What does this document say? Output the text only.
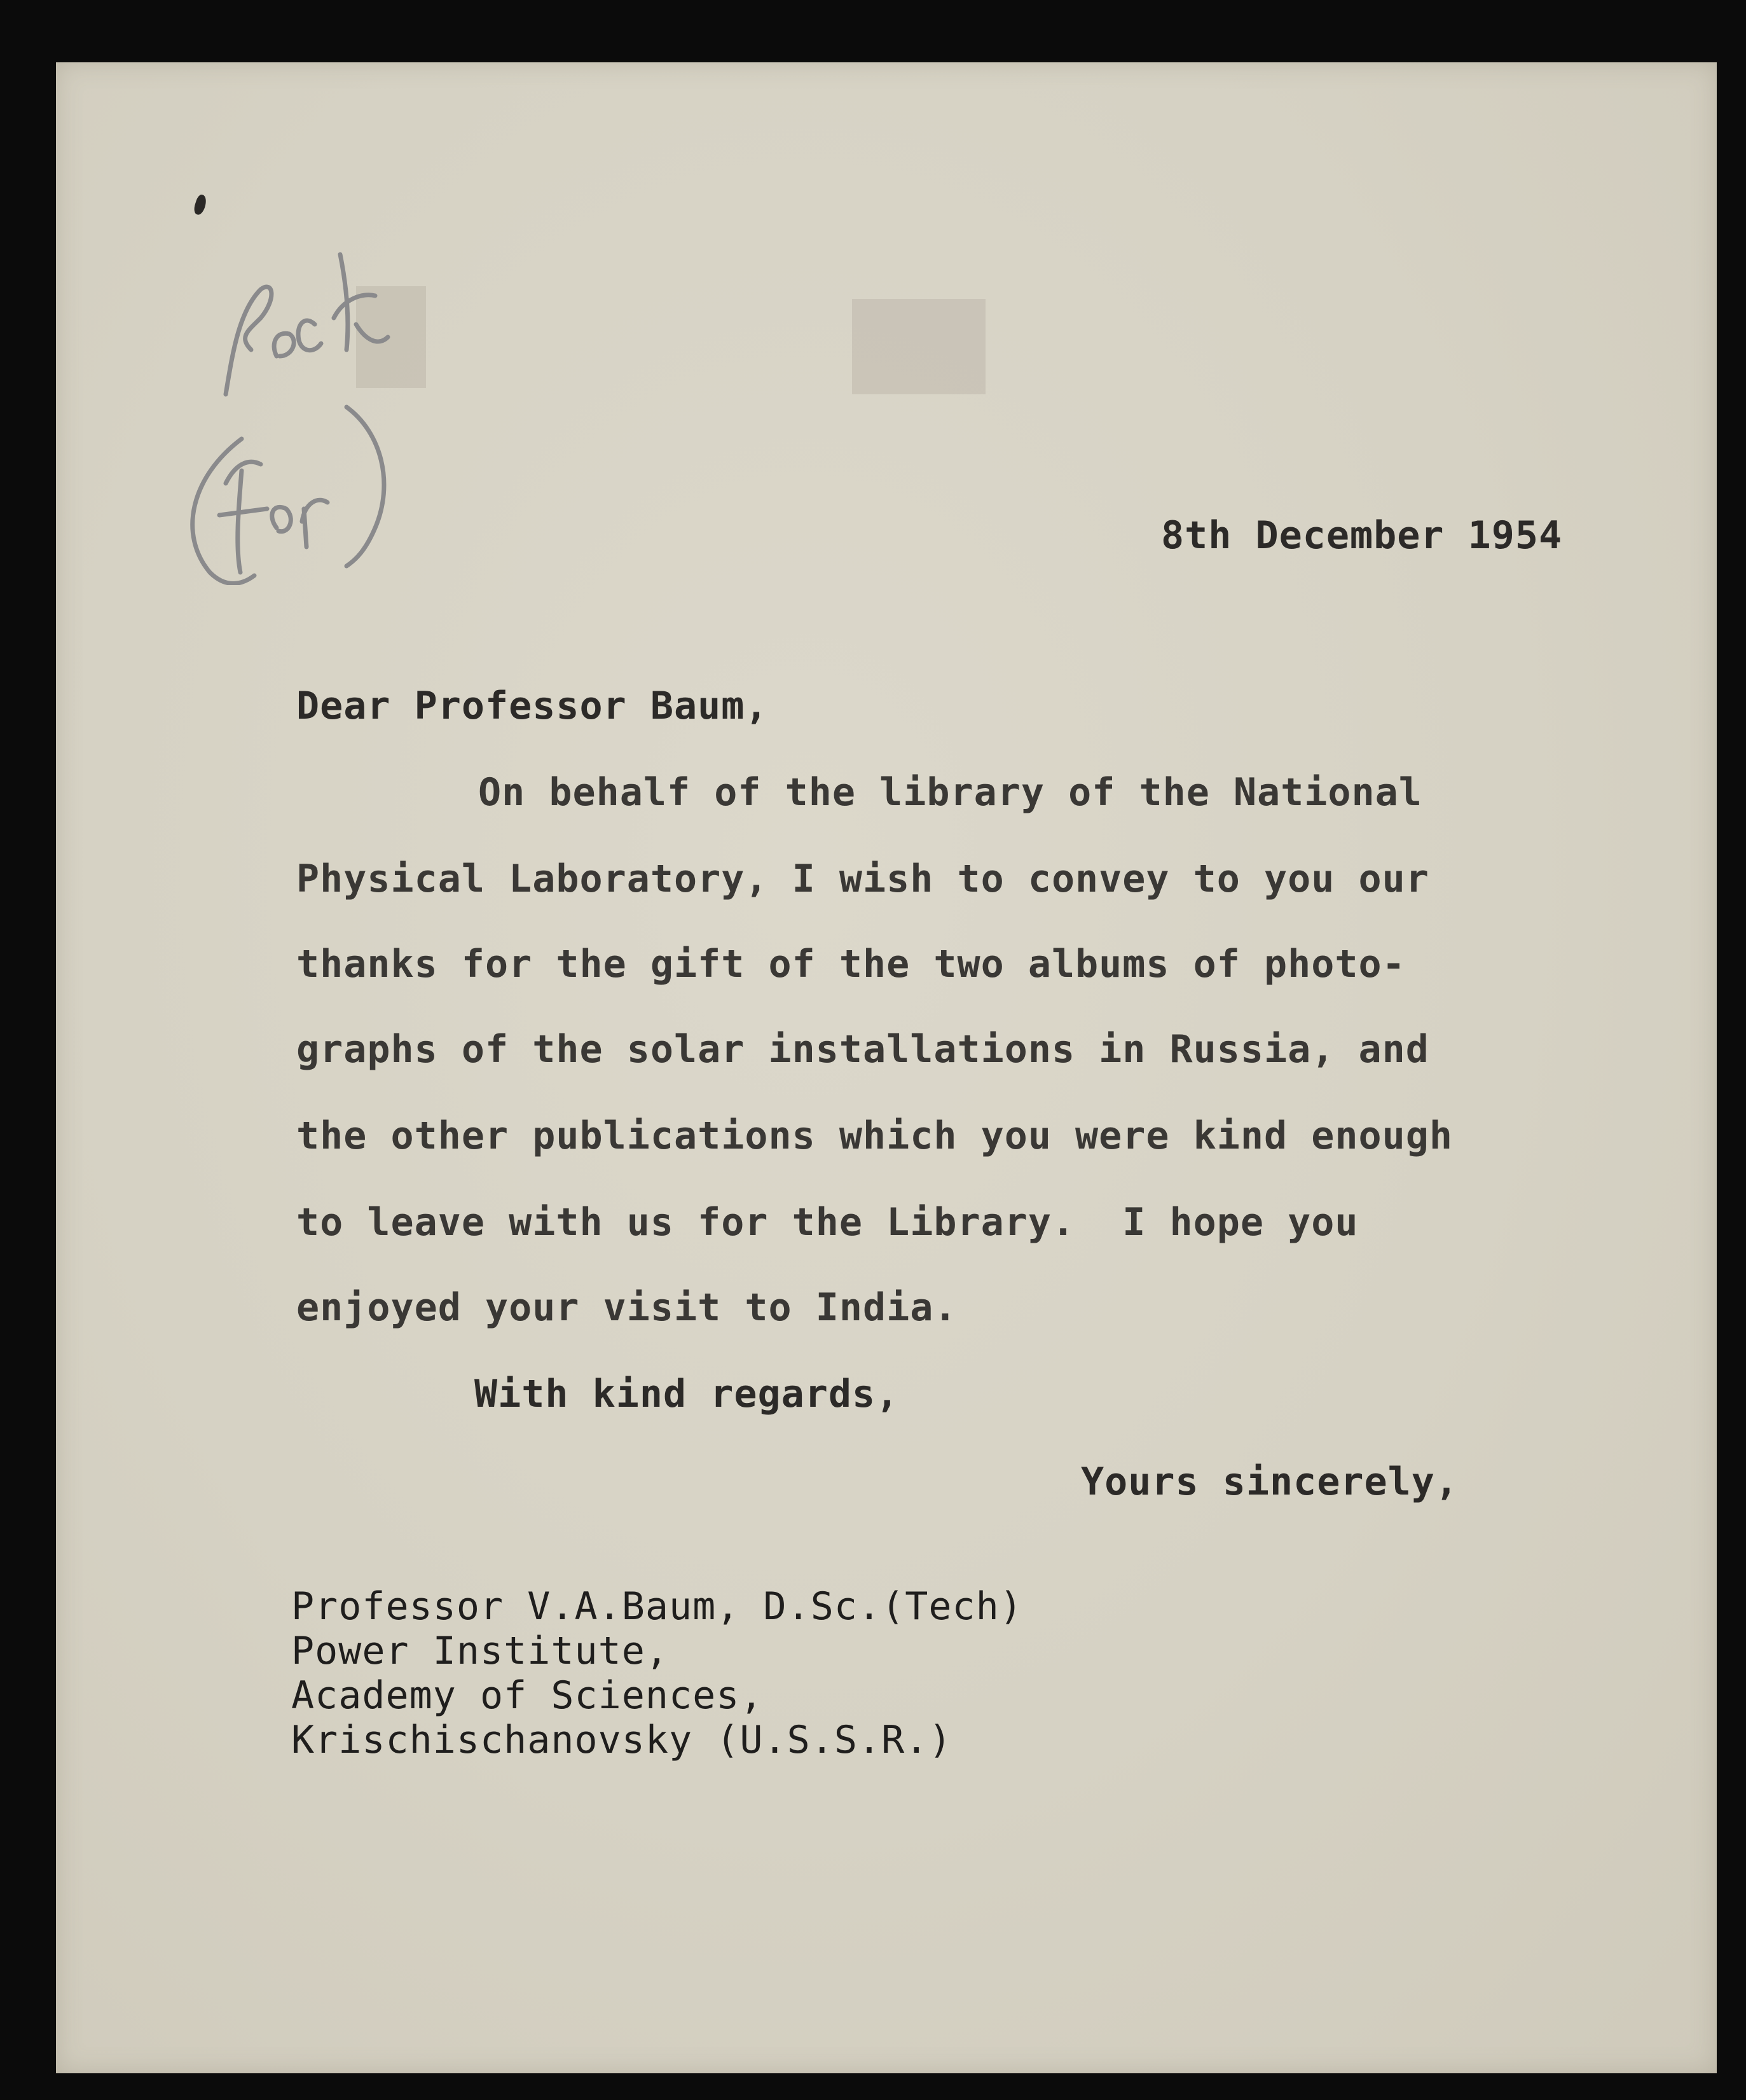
8th December 1954
Dear Professor Baum,
On behalf of the library of the National
Physical Laboratory, I wish to convey to you our
thanks for the gift of the two albums of photo-
graphs of the solar installations in Russia, and
the other publications which you were kind enough
to leave with us for the Library.  I hope you
enjoyed your visit to India.
With kind regards,
Yours sincerely,
Professor V.A.Baum, D.Sc.(Tech)
Power Institute,
Academy of Sciences,
Krischischanovsky (U.S.S.R.)
